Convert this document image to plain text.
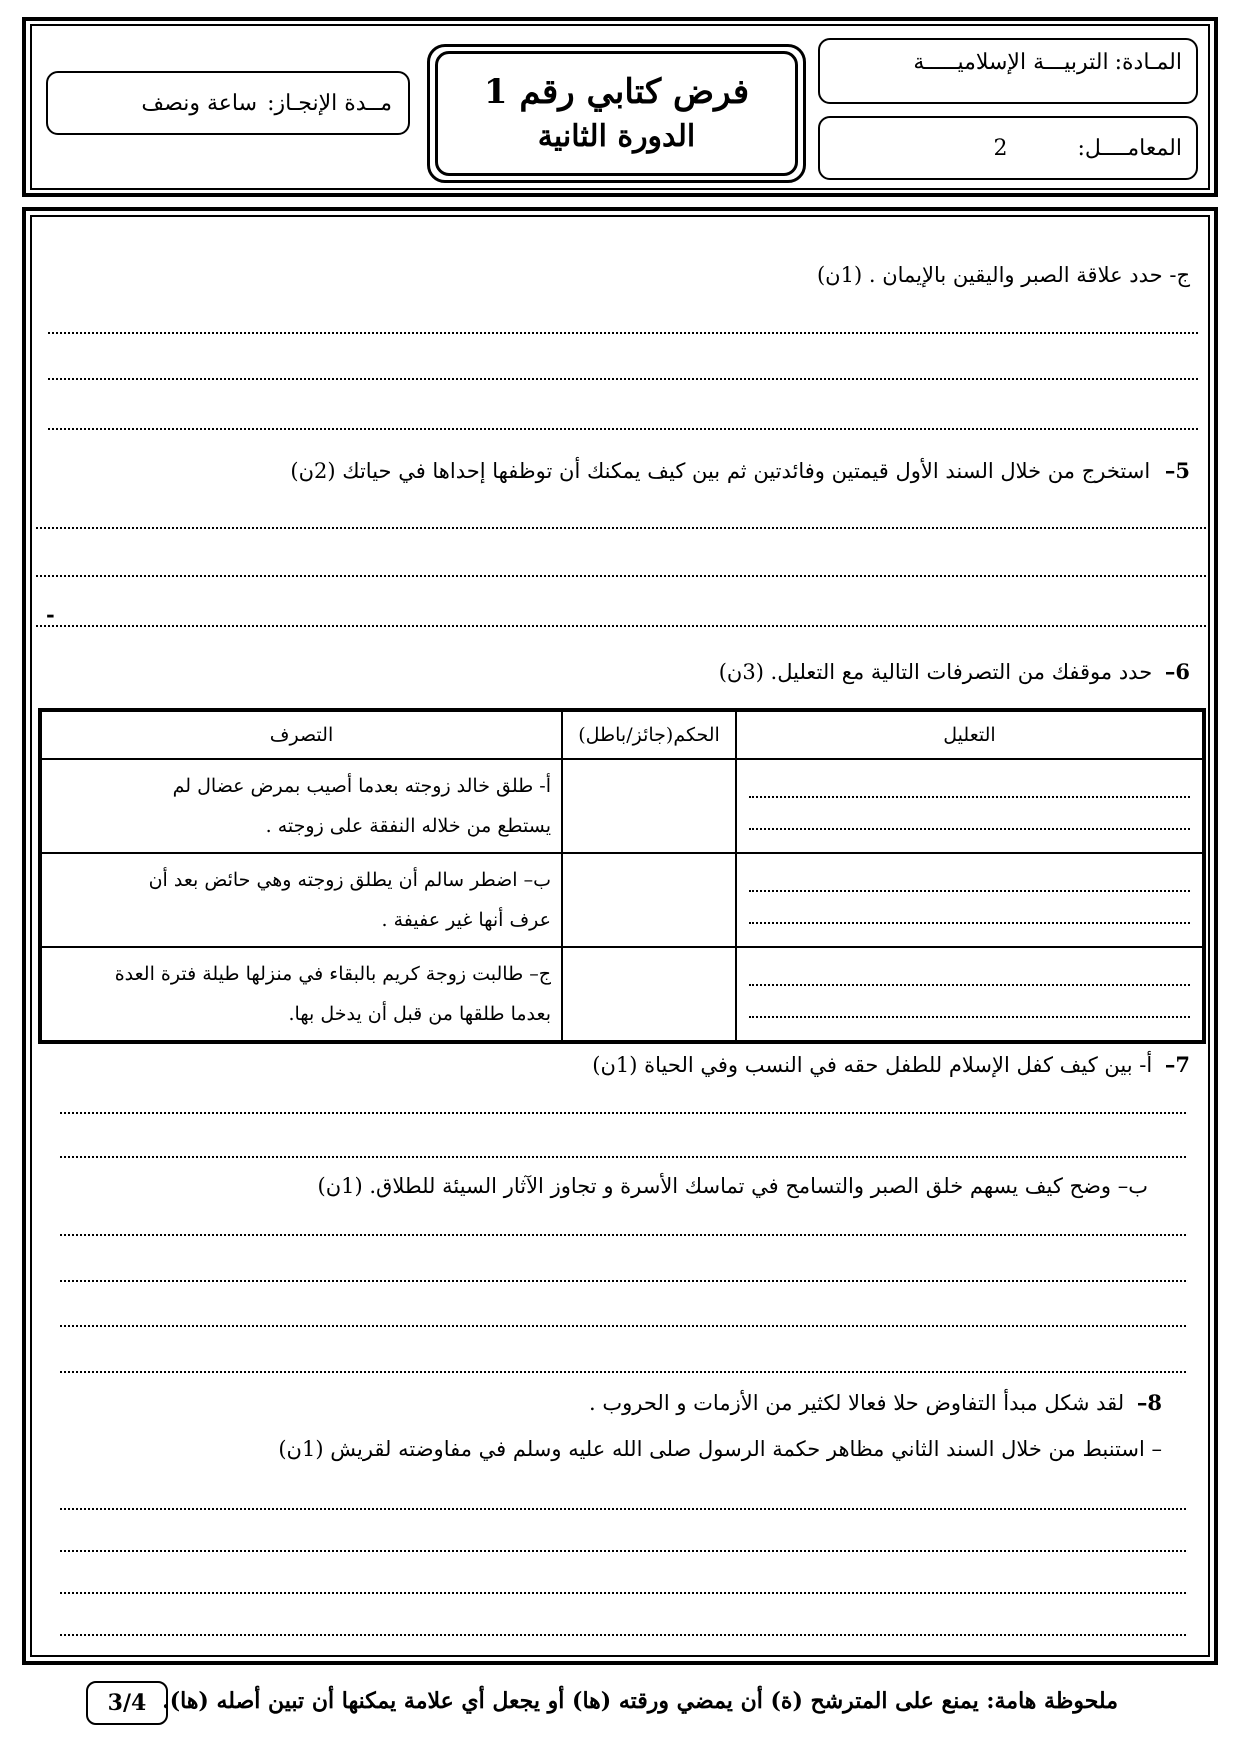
المـادة:
التربيـــة الإسلاميـــــة
المعامــــل:
2
فرض كتابي رقم 1
الدورة الثانية
مــدة الإنجـاز:
ساعة ونصف
ج- حدد علاقة الصبر واليقين بالإيمان . (1ن)
5– استخرج من خلال السند الأول قيمتين وفائدتين ثم بين كيف يمكنك أن توظفها إحداها في حياتك (2ن)
-
6– حدد موقفك من التصرفات التالية مع التعليل. (3ن)
التعليل	الحكم(جائز/باطل)	التصرف

		أ- طلق خالد زوجته بعدما أصيب بمرض عضال لم
يستطع من خلاله النفقة على زوجته .

		ب– اضطر سالم أن يطلق زوجته وهي حائض بعد أن
عرف أنها غير عفيفة .

		ج– طالبت زوجة كريم بالبقاء في منزلها طيلة فترة العدة
بعدما طلقها من قبل أن يدخل بها.
7– أ- بين كيف كفل الإسلام للطفل حقه في النسب وفي الحياة (1ن)
ب– وضح كيف يسهم خلق الصبر والتسامح في تماسك الأسرة و تجاوز الآثار السيئة للطلاق. (1ن)
8– لقد شكل مبدأ التفاوض حلا فعالا لكثير من الأزمات و الحروب .
– استنبط من خلال السند الثاني مظاهر حكمة الرسول صلى الله عليه وسلم في مفاوضته لقريش (1ن)
ملحوظة هامة: يمنع على المترشح (ة) أن يمضي ورقته (ها) أو يجعل أي علامة يمكنها أن تبين أصله (ها).
3/4
